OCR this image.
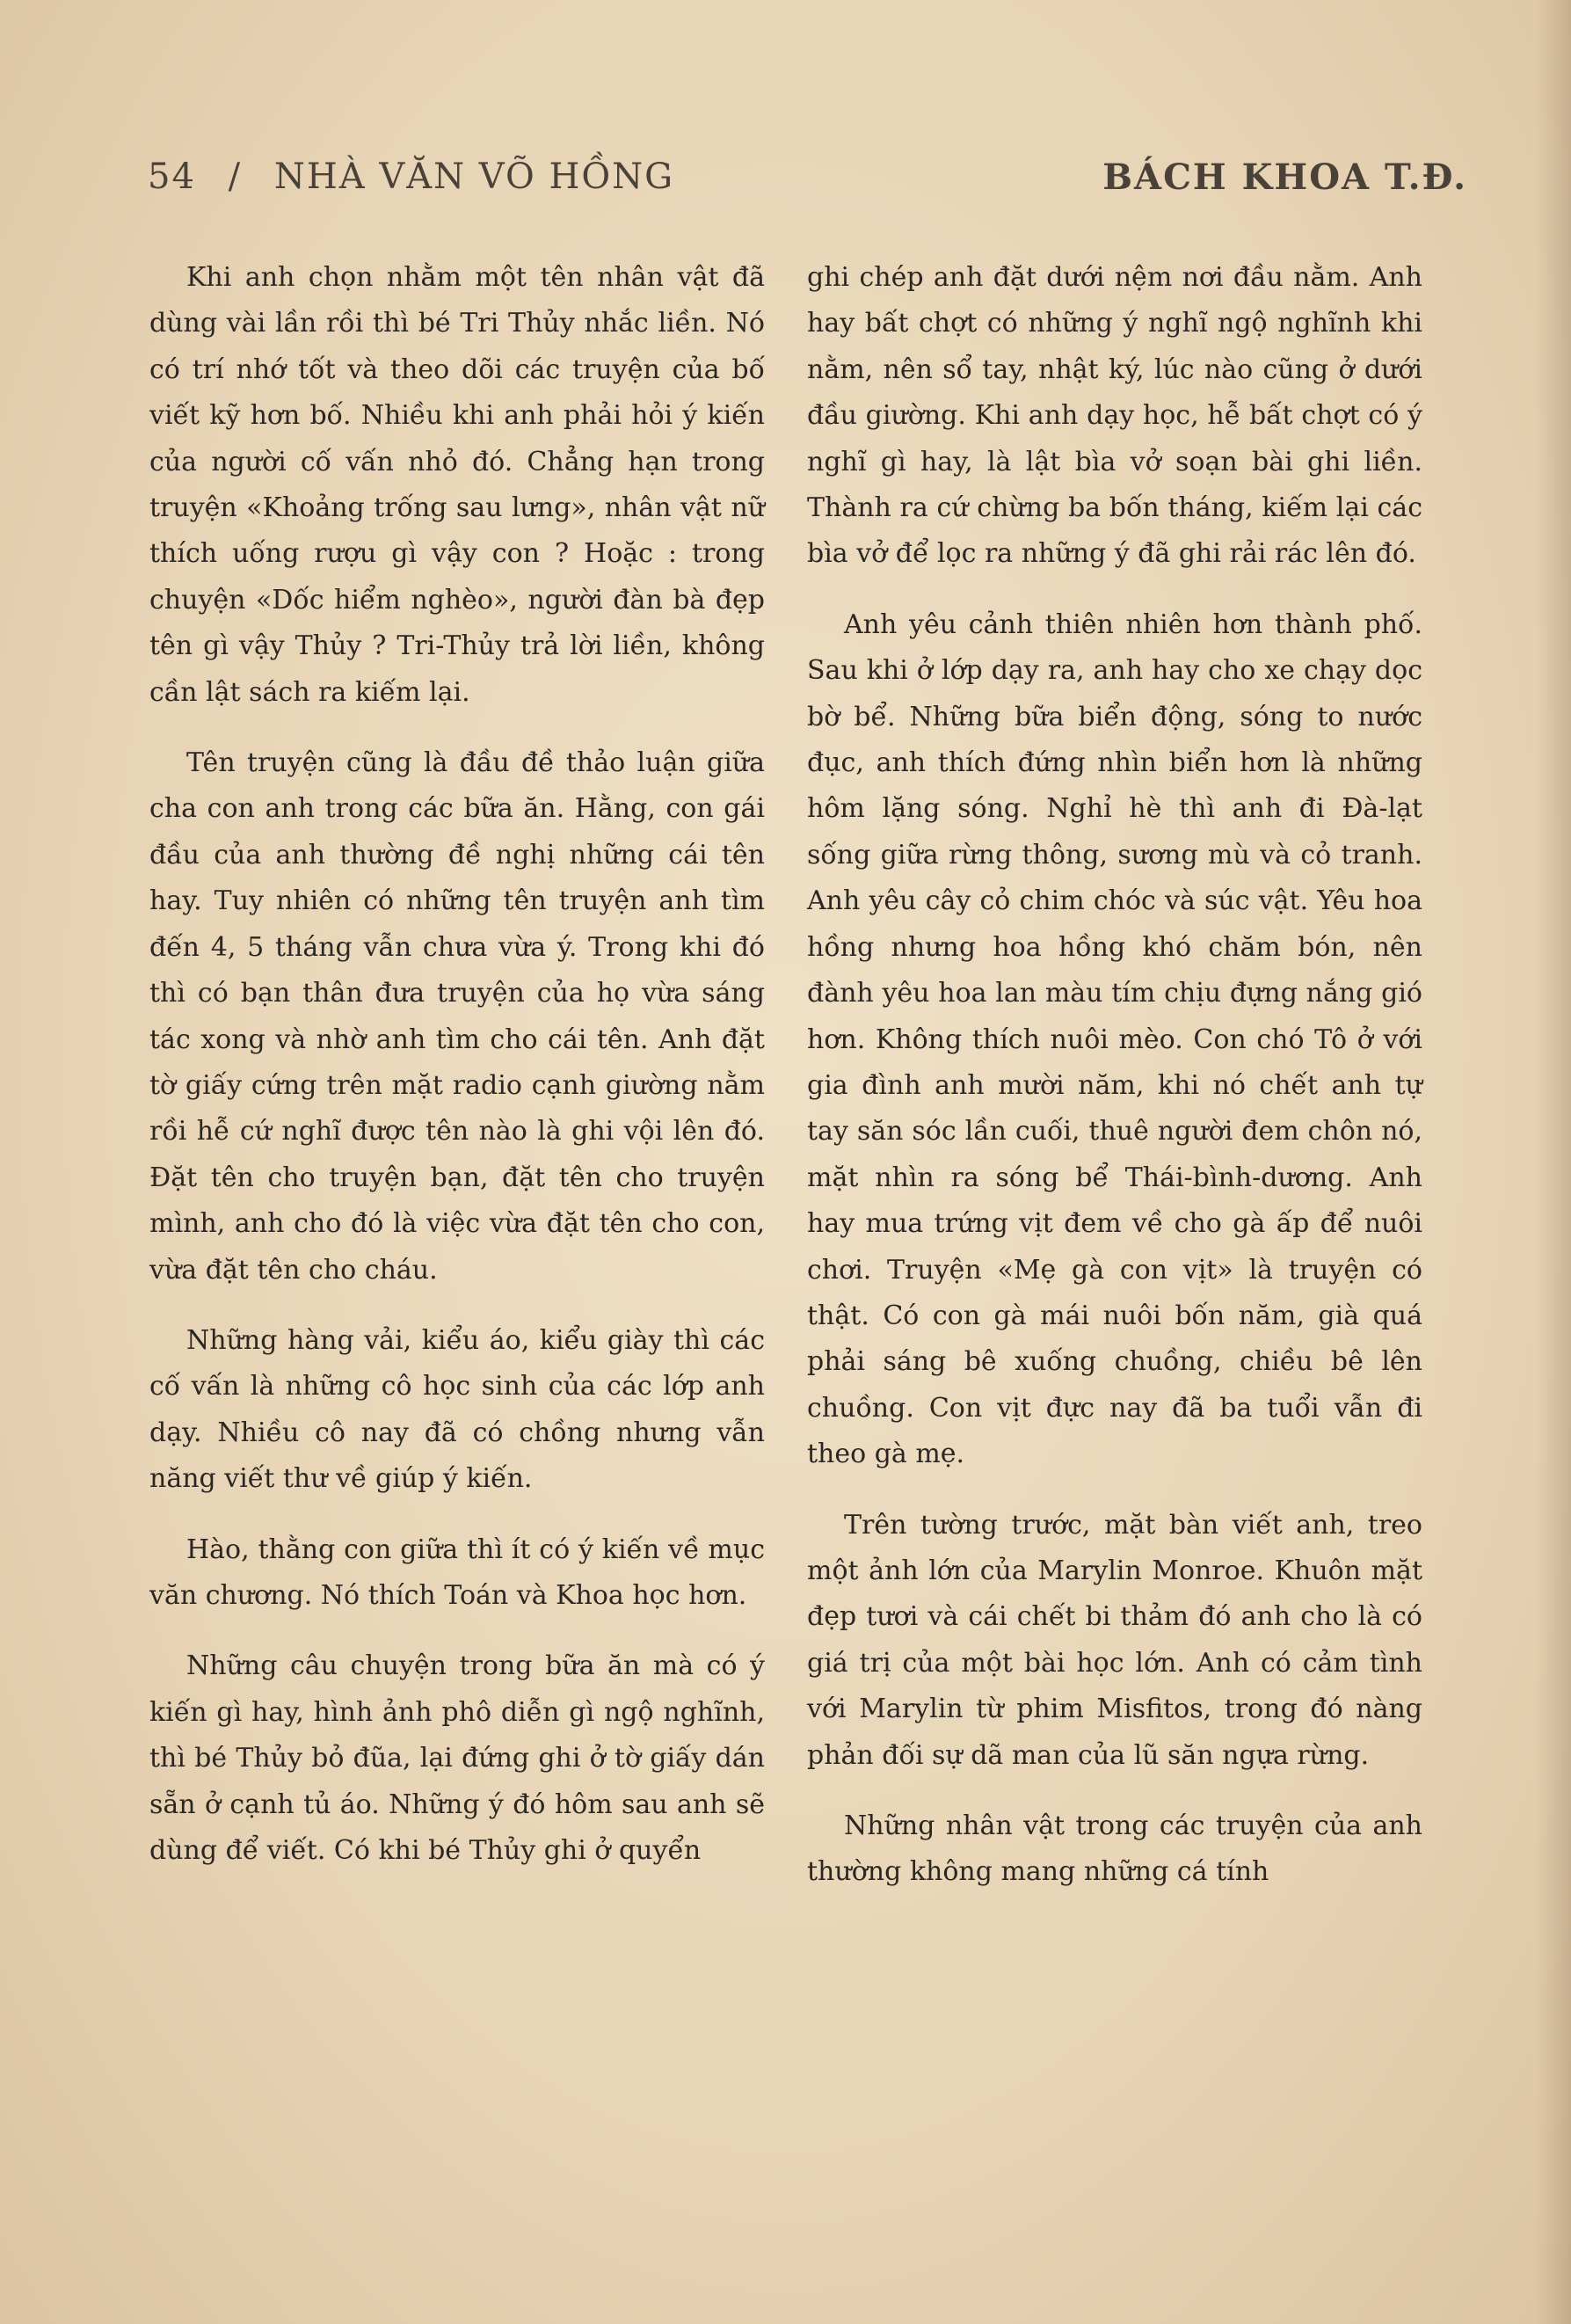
54 / NHÀ VĂN VÕ HỒNG	BÁCH KHOA T.Đ.

Khi anh chọn nhằm một tên nhân vật đã dùng vài lần rồi thì bé Tri Thủy nhắc liền. Nó có trí nhớ tốt và theo dõi các truyện của bố viết kỹ hơn bố. Nhiều khi anh phải hỏi ý kiến của người cố vấn nhỏ đó. Chẳng hạn trong truyện «Khoảng trống sau lưng», nhân vật nữ thích uống rượu gì vậy con ? Hoặc : trong chuyện «Dốc hiểm nghèo», người đàn bà đẹp tên gì vậy Thủy ? Tri-Thủy trả lời liền, không cần lật sách ra kiếm lại.

Tên truyện cũng là đầu đề thảo luận giữa cha con anh trong các bữa ăn. Hằng, con gái đầu của anh thường đề nghị những cái tên hay. Tuy nhiên có những tên truyện anh tìm đến 4, 5 tháng vẫn chưa vừa ý. Trong khi đó thì có bạn thân đưa truyện của họ vừa sáng tác xong và nhờ anh tìm cho cái tên. Anh đặt tờ giấy cứng trên mặt radio cạnh giường nằm rồi hễ cứ nghĩ được tên nào là ghi vội lên đó. Đặt tên cho truyện bạn, đặt tên cho truyện mình, anh cho đó là việc vừa đặt tên cho con, vừa đặt tên cho cháu.

Những hàng vải, kiểu áo, kiểu giày thì các cố vấn là những cô học sinh của các lớp anh dạy. Nhiều cô nay đã có chồng nhưng vẫn năng viết thư về giúp ý kiến.

Hào, thằng con giữa thì ít có ý kiến về mục văn chương. Nó thích Toán và Khoa học hơn.

Những câu chuyện trong bữa ăn mà có ý kiến gì hay, hình ảnh phô diễn gì ngộ nghĩnh, thì bé Thủy bỏ đũa, lại đứng ghi ở tờ giấy dán sẵn ở cạnh tủ áo. Những ý đó hôm sau anh sẽ dùng để viết. Có khi bé Thủy ghi ở quyển

ghi chép anh đặt dưới nệm nơi đầu nằm. Anh hay bất chợt có những ý nghĩ ngộ nghĩnh khi nằm, nên sổ tay, nhật ký, lúc nào cũng ở dưới đầu giường. Khi anh dạy học, hễ bất chợt có ý nghĩ gì hay, là lật bìa vở soạn bài ghi liền. Thành ra cứ chừng ba bốn tháng, kiếm lại các bìa vở để lọc ra những ý đã ghi rải rác lên đó.

Anh yêu cảnh thiên nhiên hơn thành phố. Sau khi ở lớp dạy ra, anh hay cho xe chạy dọc bờ bể. Những bữa biển động, sóng to nước đục, anh thích đứng nhìn biển hơn là những hôm lặng sóng. Nghỉ hè thì anh đi Đà-lạt sống giữa rừng thông, sương mù và cỏ tranh. Anh yêu cây cỏ chim chóc và súc vật. Yêu hoa hồng nhưng hoa hồng khó chăm bón, nên đành yêu hoa lan màu tím chịu đựng nắng gió hơn. Không thích nuôi mèo. Con chó Tô ở với gia đình anh mười năm, khi nó chết anh tự tay săn sóc lần cuối, thuê người đem chôn nó, mặt nhìn ra sóng bể Thái-bình-dương. Anh hay mua trứng vịt đem về cho gà ấp để nuôi chơi. Truyện «Mẹ gà con vịt» là truyện có thật. Có con gà mái nuôi bốn năm, già quá phải sáng bê xuống chuồng, chiều bê lên chuồng. Con vịt đực nay đã ba tuổi vẫn đi theo gà mẹ.

Trên tường trước, mặt bàn viết anh, treo một ảnh lớn của Marylin Monroe. Khuôn mặt đẹp tươi và cái chết bi thảm đó anh cho là có giá trị của một bài học lớn. Anh có cảm tình với Marylin từ phim Misfitos, trong đó nàng phản đối sự dã man của lũ săn ngựa rừng.

Những nhân vật trong các truyện của anh thường không mang những cá tính
